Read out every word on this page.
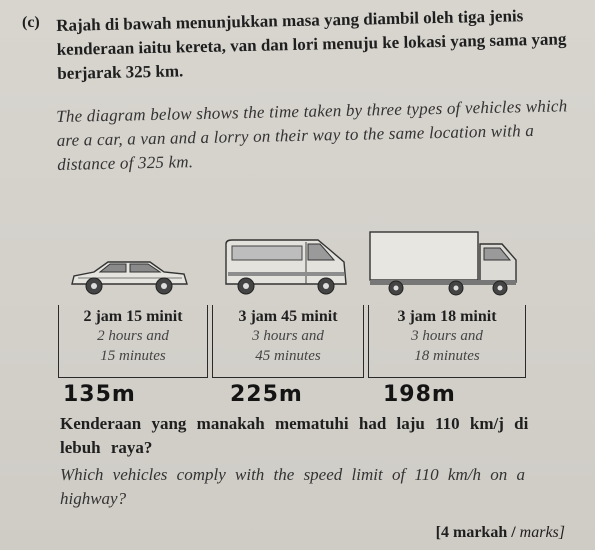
(c) Rajah di bawah menunjukkan masa yang diambil oleh tiga jenis kenderaan iaitu kereta, van dan lori menuju ke lokasi yang sama yang berjarak 325 km.
The diagram below shows the time taken by three types of vehicles which are a car, a van and a lorry on their way to the same location with a distance of 325 km.
2 jam 15 minit
2 hours and
15 minutes
3 jam 45 minit
3 hours and
45 minutes
3 jam 18 minit
3 hours and
18 minutes
135m	225m	198m
Kenderaan yang manakah mematuhi had laju 110 km/j di lebuh raya?
Which vehicles comply with the speed limit of 110 km/h on a highway?
[4 markah / marks]
